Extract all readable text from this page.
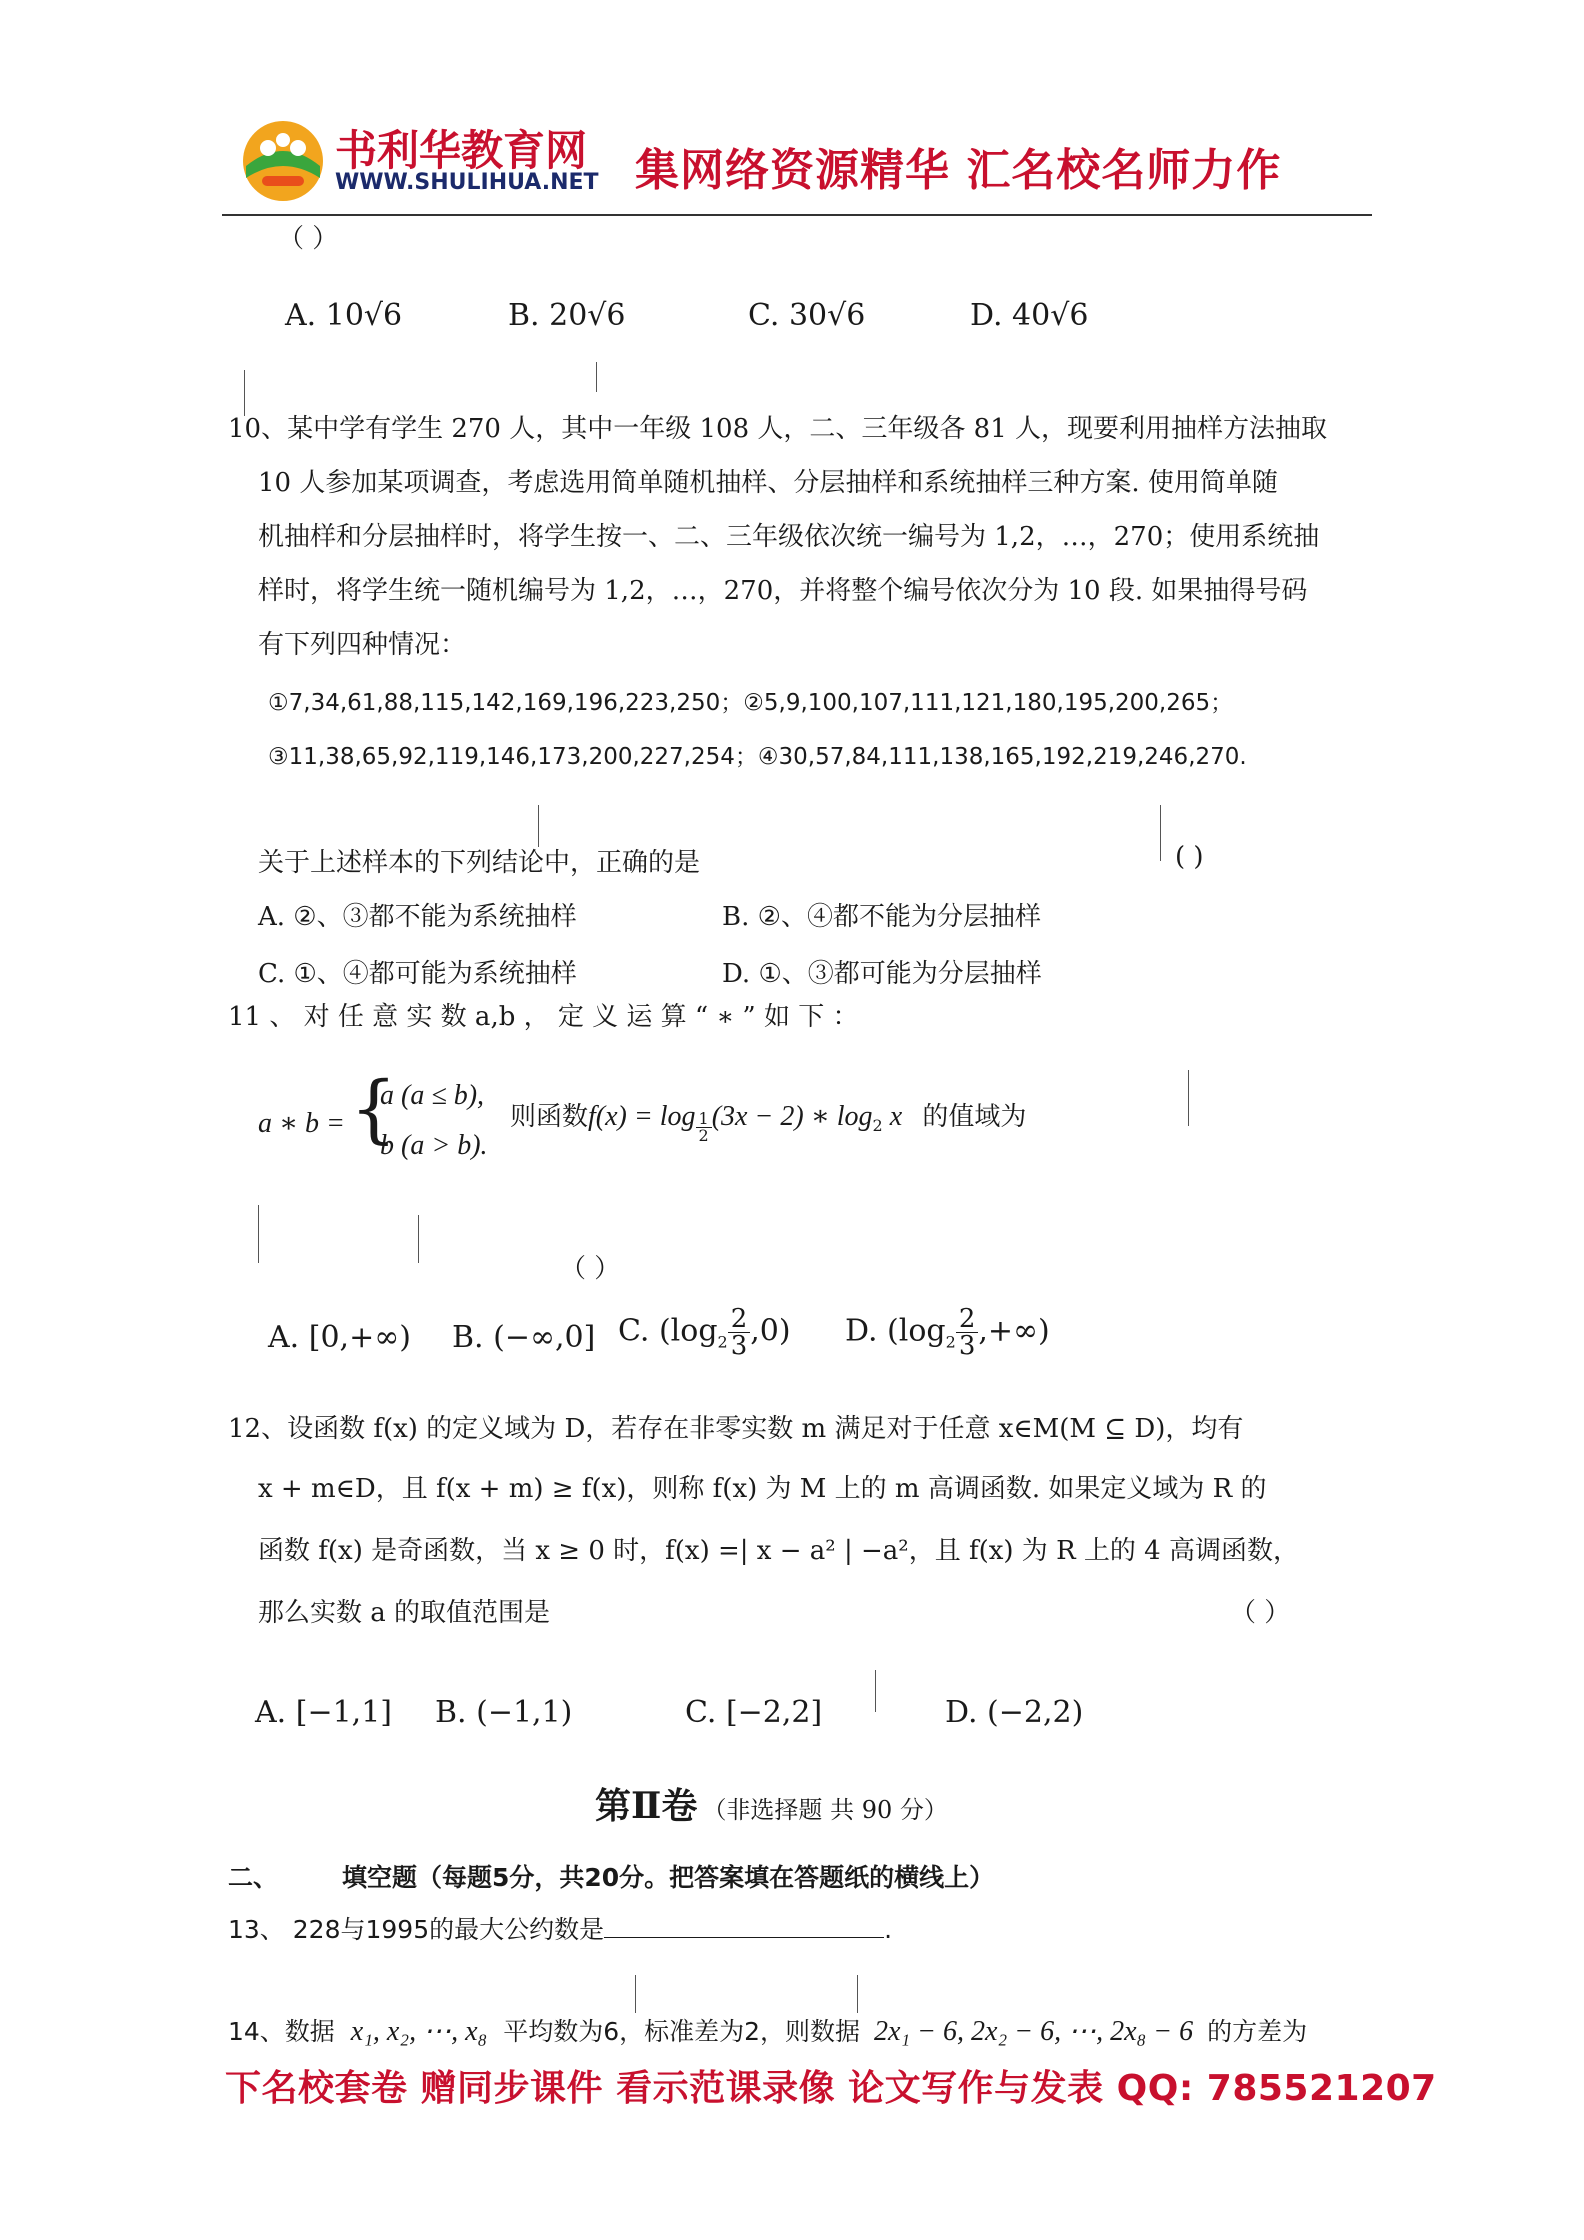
书利华教育网
WWW.SHULIHUA.NET 集网络资源精华 汇名校名师力作
（ ）
A. 10√6	B. 20√6	C. 30√6	D. 40√6
10、某中学有学生 270 人，其中一年级 108 人，二、三年级各 81 人，现要利用抽样方法抽取
10 人参加某项调查，考虑选用简单随机抽样、分层抽样和系统抽样三种方案. 使用简单随
机抽样和分层抽样时，将学生按一、二、三年级依次统一编号为 1,2，…，270；使用系统抽
样时，将学生统一随机编号为 1,2，…，270，并将整个编号依次分为 10 段. 如果抽得号码
有下列四种情况：
①7,34,61,88,115,142,169,196,223,250；②5,9,100,107,111,121,180,195,200,265；
③11,38,65,92,119,146,173,200,227,254；④30,57,84,111,138,165,192,219,246,270.
关于上述样本的下列结论中，正确的是	( )
A. ②、③都不能为系统抽样	B. ②、④都不能为分层抽样
C. ①、④都可能为系统抽样	D. ①、③都可能为分层抽样
11 、 对 任 意 实 数 a,b ， 定 义 运 算 “ ∗ ” 如 下 ：
a ∗ b = {
a (a ≤ b),
b (a > b).
则函数$f(x) = \log \frac{1}{2} (3x - 2)$ ∗ $\log_2 x$ 的值域为
（ ）
A. [0,+∞) B. (−∞,0] C. $(\log_2 \frac{2}{3} ,0)$ D. ($\log_2 \frac{2}{3}$ ,+∞)
12、设函数 f(x) 的定义域为 D，若存在非零实数 m 满足对于任意 x∈M(M ⊆ D)，均有
x + m∈D，且 f(x + m) ≥ f(x)，则称 f(x) 为 M 上的 m 高调函数. 如果定义域为 R 的
函数 f(x) 是奇函数，当 x ≥ 0 时，f(x) =| x − a² | −a²，且 f(x) 为 R 上的 4 高调函数，
那么实数 a 的取值范围是	（ ）
A. [−1,1] B. (−1,1)	C. [−2,2]	D. (−2,2)
第Ⅱ卷 （非选择题 共 90 分）
二、	填空题（每题5分，共20分。把答案填在答题纸的横线上）
13、 228与1995的最大公约数是	.
14、数据 x₁, x₂, ⋯, x₈ 平均数为6，标准差为2，则数据 2x₁ − 6, 2x₂ − 6, ⋯, 2x₈ − 6 的方差为
下名校套卷 赠同步课件 看示范课录像 论文写作与发表 QQ: 785521207
